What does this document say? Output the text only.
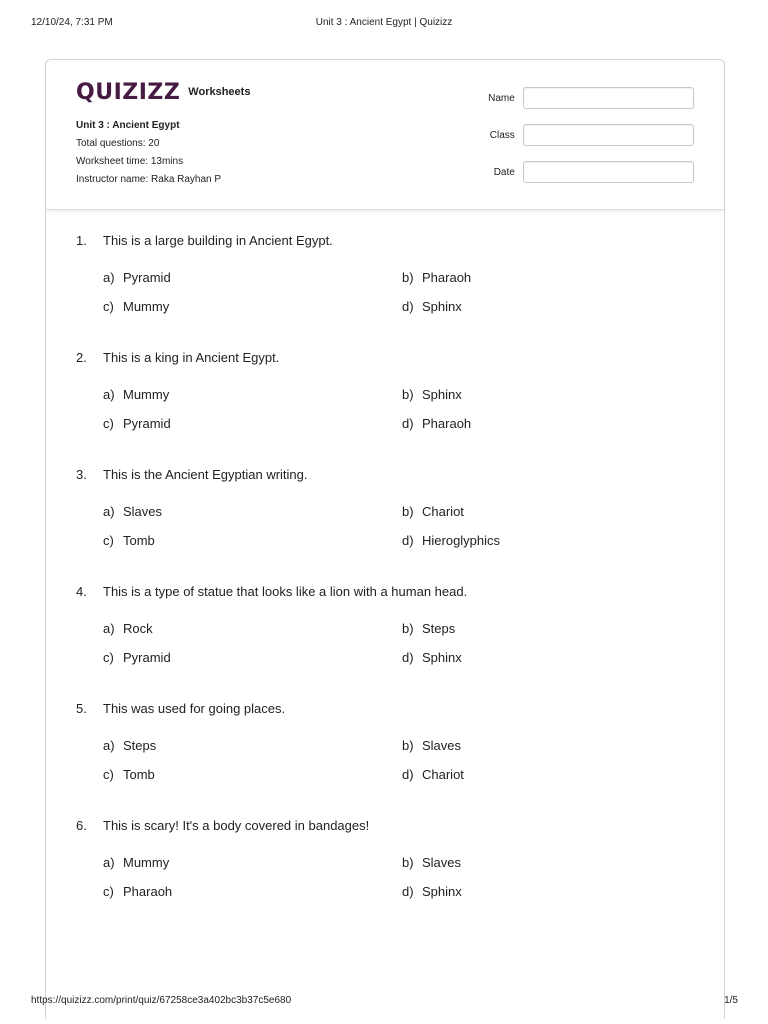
12/10/24, 7:31 PM	Unit 3 : Ancient Egypt | Quizizz
QUIZIZZ Worksheets
Unit 3 : Ancient Egypt
Total questions: 20
Worksheet time: 13mins
Instructor name: Raka Rayhan P
Name
Class
Date
1.	This is a large building in Ancient Egypt.
a) Pyramid	b) Pharaoh
c) Mummy	d) Sphinx
2.	This is a king in Ancient Egypt.
a) Mummy	b) Sphinx
c) Pyramid	d) Pharaoh
3.	This is the Ancient Egyptian writing.
a) Slaves	b) Chariot
c) Tomb	d) Hieroglyphics
4.	This is a type of statue that looks like a lion with a human head.
a) Rock	b) Steps
c) Pyramid	d) Sphinx
5.	This was used for going places.
a) Steps	b) Slaves
c) Tomb	d) Chariot
6.	This is scary! It's a body covered in bandages!
a) Mummy	b) Slaves
c) Pharaoh	d) Sphinx
https://quizizz.com/print/quiz/67258ce3a402bc3b37c5e680	1/5
